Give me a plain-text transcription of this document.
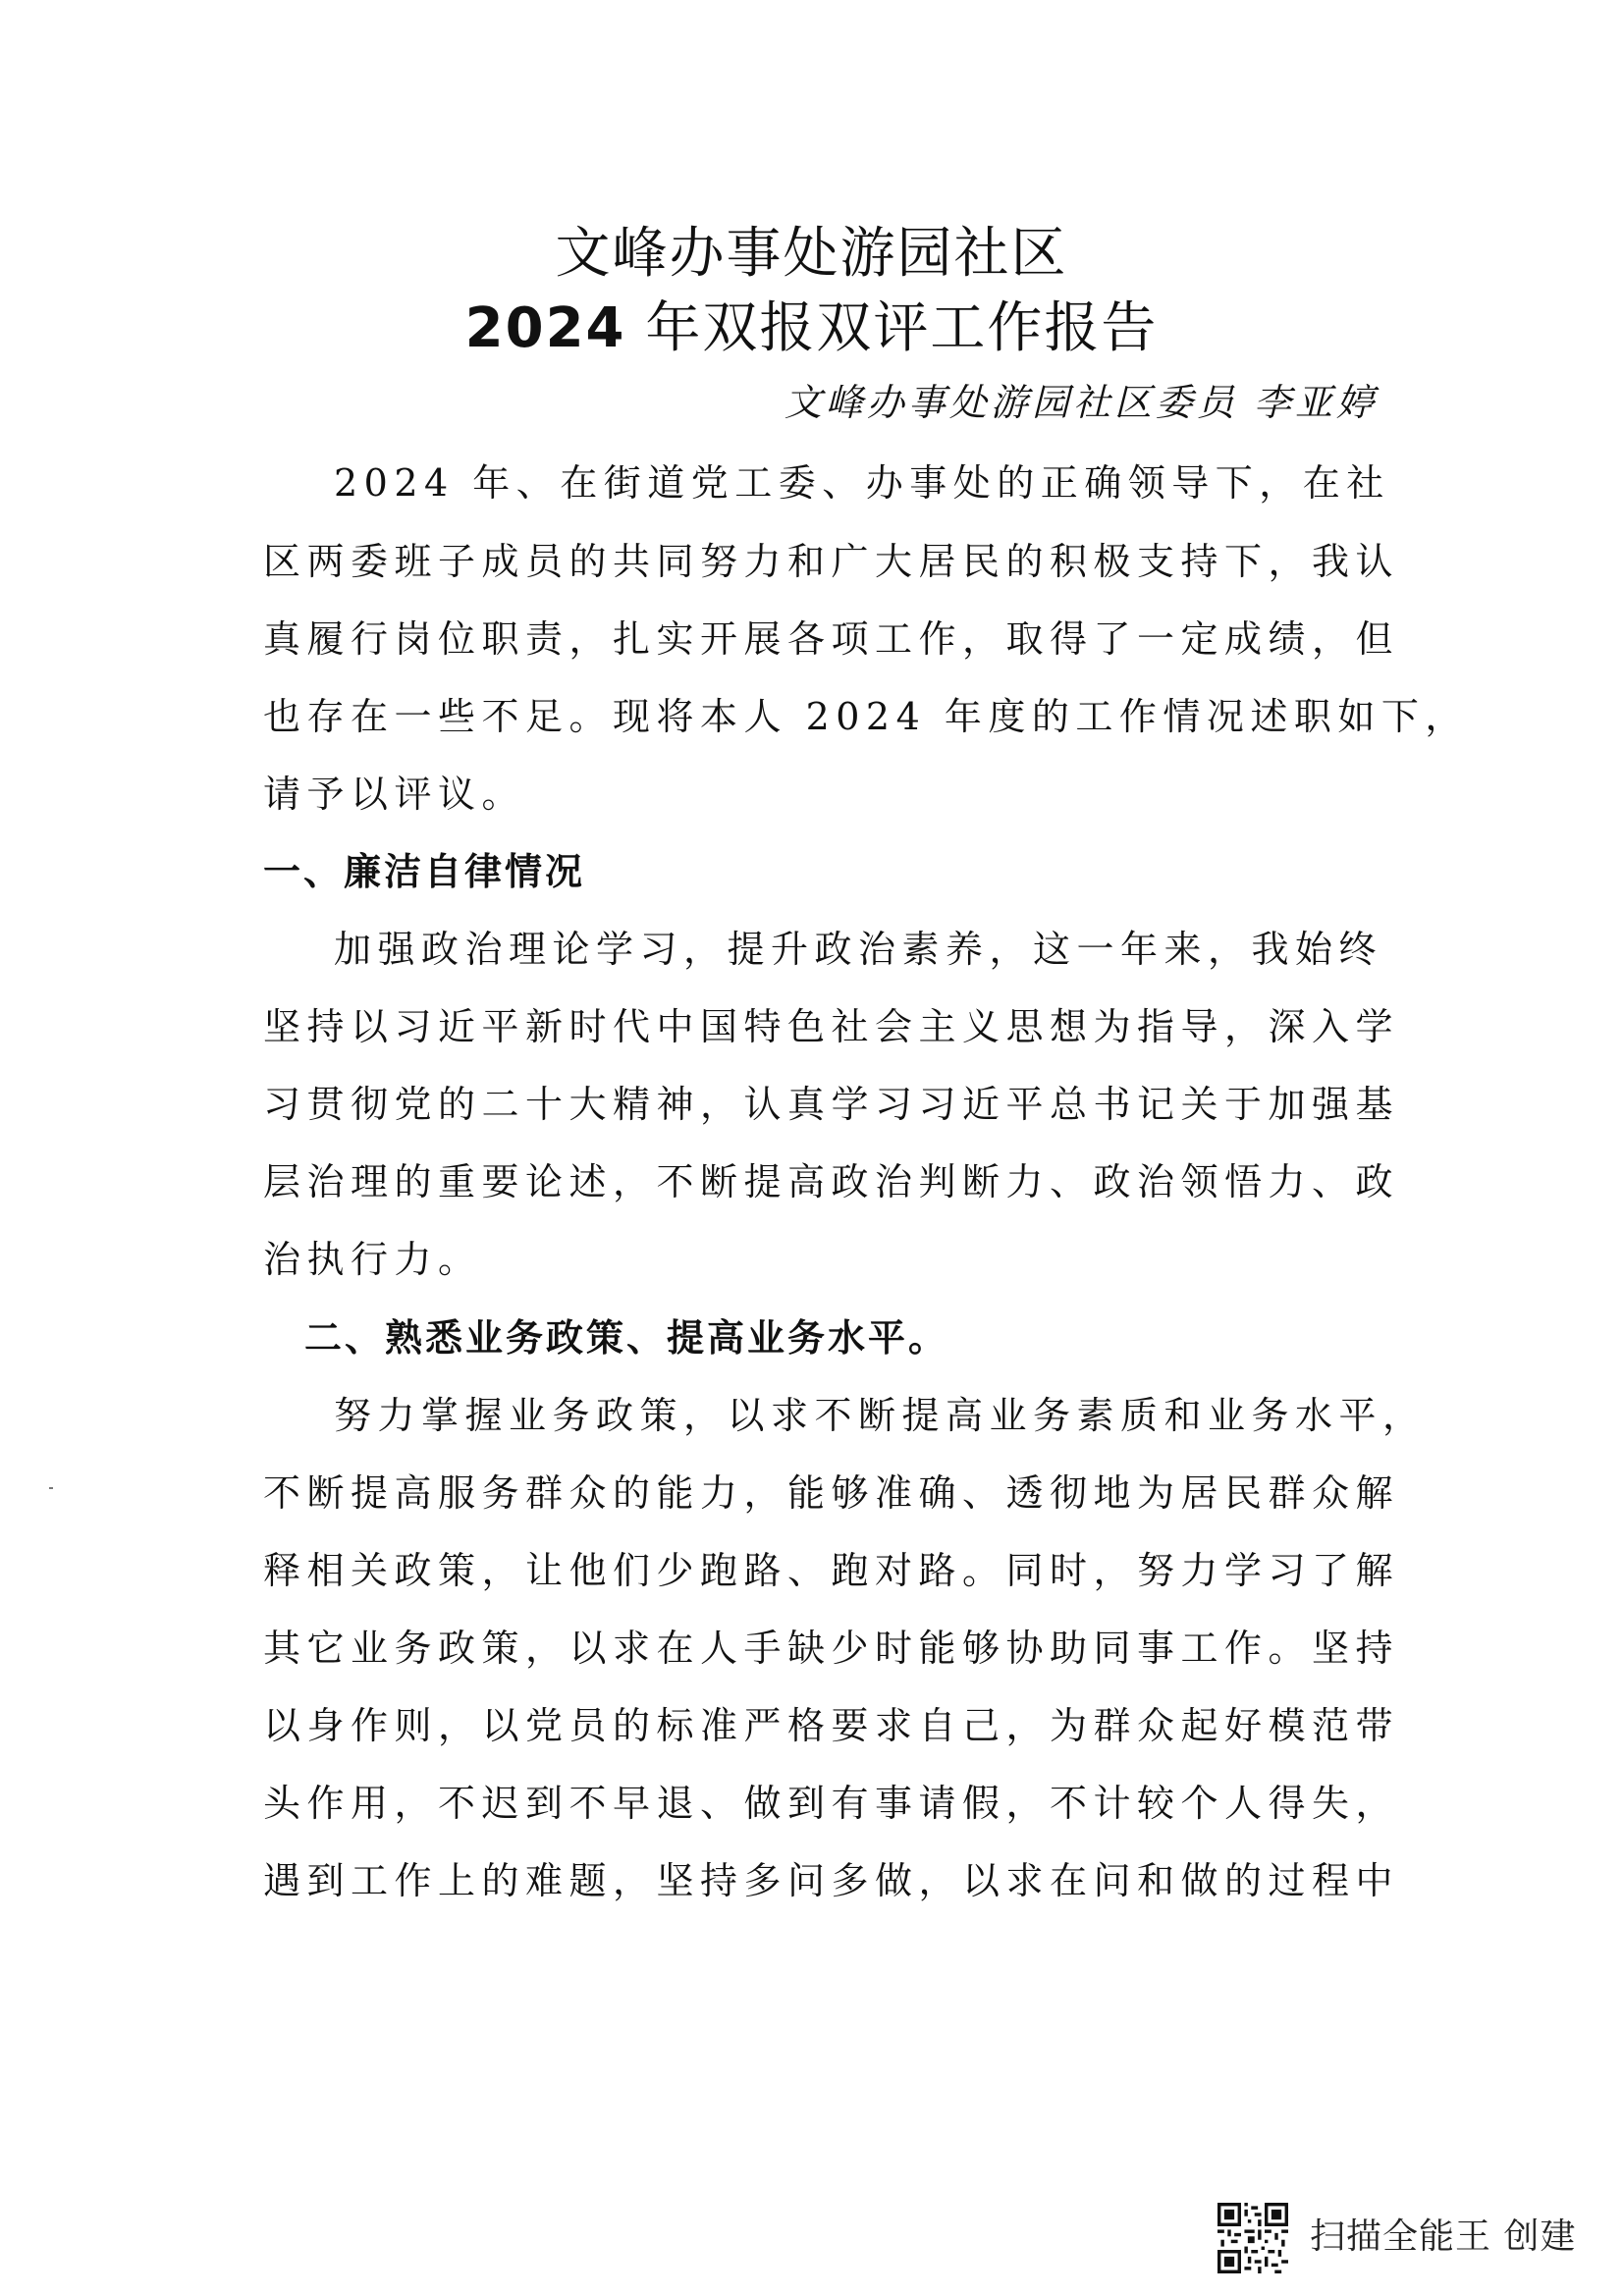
文峰办事处游园社区
2024 年双报双评工作报告
文峰办事处游园社区委员 李亚婷
2024 年、在街道党工委、办事处的正确领导下，在社
区两委班子成员的共同努力和广大居民的积极支持下，我认
真履行岗位职责，扎实开展各项工作，取得了一定成绩，但
也存在一些不足。现将本人 2024 年度的工作情况述职如下，
请予以评议。
一、廉洁自律情况
加强政治理论学习，提升政治素养，这一年来，我始终
坚持以习近平新时代中国特色社会主义思想为指导，深入学
习贯彻党的二十大精神，认真学习习近平总书记关于加强基
层治理的重要论述，不断提高政治判断力、政治领悟力、政
治执行力。
二、熟悉业务政策、提高业务水平。
努力掌握业务政策，以求不断提高业务素质和业务水平，
不断提高服务群众的能力，能够准确、透彻地为居民群众解
释相关政策，让他们少跑路、跑对路。同时，努力学习了解
其它业务政策，以求在人手缺少时能够协助同事工作。坚持
以身作则，以党员的标准严格要求自己，为群众起好模范带
头作用，不迟到不早退、做到有事请假，不计较个人得失，
遇到工作上的难题，坚持多问多做，以求在问和做的过程中
扫描全能王 创建
